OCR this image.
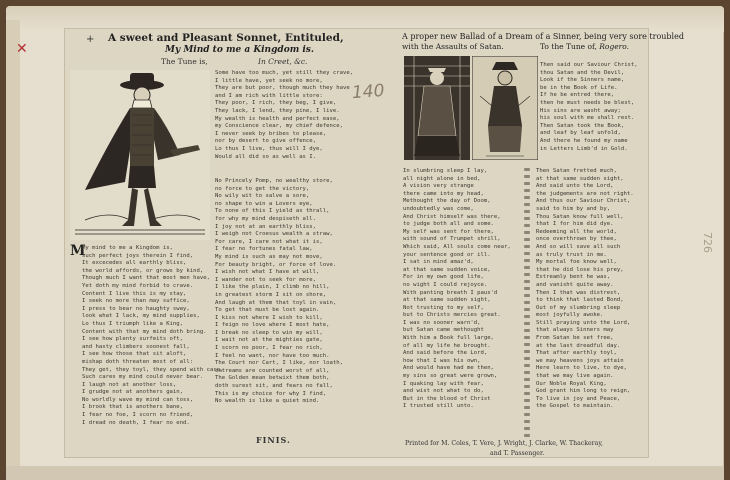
✕
+ A sweet and Pleasant Sonnet, Entituled,
My Mind to me a Kingdom is.
The Tune is,	In Creet, &c.
140
Some have too much, yet still they crave,
I little have, yet seek no more,
They are but poor, though much they have
and I am rich with little store:
They poor, I rich, they beg, I give,
They lack, I lend, they pine, I live.
My wealth is health and perfect ease,
my Conscience clear, my chief defence,
I never seek by bribes to please,
nor by desert to give offence,
Lo thus I live, thus will I dye,
Would all did so as well as I.
No Princely Pomp, no wealthy store,
no force to get the victory,
No wily wit to salve a sore,
no shape to win a Lovers eye,
To none of this I yield as thrall,
for why my mind despiseth all.
I joy not at an earthly bliss,
I weigh not Croesus wealth a straw,
For care, I care not what it is,
I fear no fortunes fatal law,
My mind is such as may not move,
For beauty bright, or force of love.
I wish not what I have at will,
I wander not to seek for more,
I like the plain, I climb no hill,
in greatest storm I sit on shore,
And laugh at them that toyl in vain,
To get that must be lost again.
I kiss not where I wish to kill,
I feign no love where I most hate,
I break no sleep to win my will,
I wait not at the mighties gate,
I scorn no poor, I fear no rich,
I feel no want, nor have too much.
The Court nor Cart, I like, nor loath,
extreams are counted worst of all,
The Golden mean betwixt them both,
doth surest sit, and fears no fall,
This is my choice for why I find,
No wealth is like a quiet mind.
M
My mind to me a Kingdom is,
such perfect joys therein I find,
It excecedes all earthly bliss,
the world affords, or grows by kind,
Though much I want that most men have,
Yet doth my mind forbid to crave.
Content I live this is my stay,
I seek no more than may suffice,
I press to bear no haughty sway,
look what I lack, my mind supplies,
Lo thus I triumph like a King,
Content with that my mind doth bring.
I see how plenty surfeits oft,
and hasty climbers soonest fall,
I see how those that sit aloft,
mishap doth threaten most of all:
They get, they toyl, they spend with care,
Such cares my mind could never bear.
I laugh not at another loss,
I grudge not at anothers gain,
No worldly wave my mind can toss,
I brook that is anothers bane,
I fear no foe, I scorn no friend,
I dread no death, I fear no end.
FINIS.
A proper new Ballad of a Dream of a Sinner, being very sore troubled
with the Assaults of Satan.	To the Tune of, Rogero.
Then said our Saviour Christ,
thou Satan and the Devil,
Look if the Sinners name,
be in the Book of Life.
If he be entred there,
then he must needs be blest,
His sins are washt away;
his soul with me shall rest.
Then Satan took the Book,
and leaf by leaf unfold,
And there he found my name
in Letters Limb'd in Gold.
In slumbring sleep I lay,
all night alone in bed,
A vision very strange
there came into my head,
Methought the day of Doom,
undoubtedly was come,
And Christ himself was there,
to judge both all and some.
My self was sent for there,
with sound of Trumpet shrill,
Which said, All souls come near,
your sentence good or ill.
I sat in mind amaz'd,
at that same sudden voice,
For in my own good life,
no wight I could rejoyce.
With panting breath I paus'd
at that same sudden sight,
Not trusting to my self,
but to Christs mercies great.
I was no sooner warn'd,
but Satan came methought
With him a Book full large,
of all my life he brought.
And said before the Lord,
how that I was his own,
And would have had me then,
my sins so great were grown,
I quaking lay with fear,
and wist not what to do,
But in the blood of Christ
I trusted still unto.
Then Satan fretted much,
at that same sudden sight,
And said unto the Lord,
the judgements are not right.
And thus our Saviour Christ,
said to him by and by,
Thou Satan know full well,
that I for him did dye.
Redeeming all the world,
once overthrown by thee,
And so will save all such
as truly trust in me.
My mortal foe know well,
that he did lose his prey,
Extreamly bent he was,
and vanisht quite away.
Then I that was distrest,
to think that lasted Bond,
Out of my slumbring sleep
most joyfully awoke.
Still praying unto the Lord,
that always Sinners may
From Satan be set free,
at the last dreadful day.
That after earthly toyl,
we may heavens joys attain
Here learn to live, to dye,
that we may live again.
Our Noble Royal King,
God grant him long to reign,
To live in joy and Peace,
the Gospel to maintain.
Printed for M. Coles, T. Vere, J. Wright, J. Clarke, W. Thackeray,
and T. Passenger.
726
